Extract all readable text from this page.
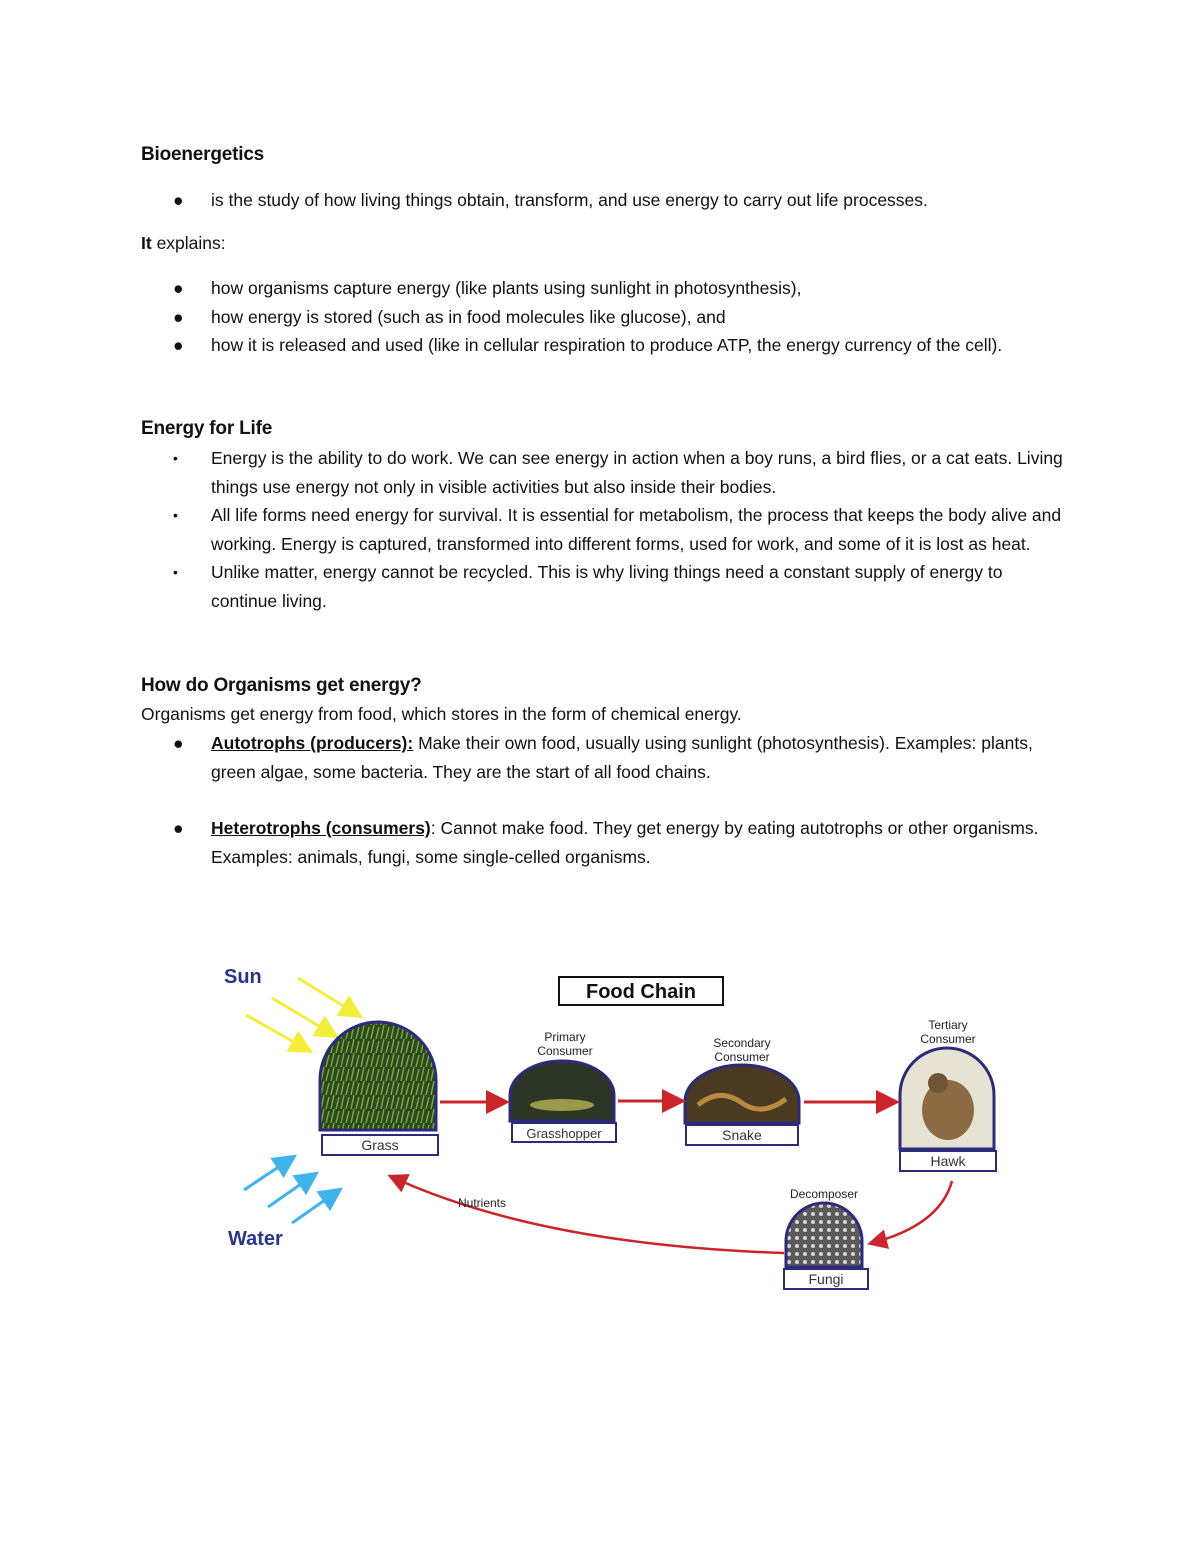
Bioenergetics
●	is the study of how living things obtain, transform, and use energy to carry out life processes.
It explains:
●	how organisms capture energy (like plants using sunlight in photosynthesis),
●	how energy is stored (such as in food molecules like glucose), and
●	how it is released and used (like in cellular respiration to produce ATP, the energy currency of the cell).
Energy for Life
•	Energy is the ability to do work. We can see energy in action when a boy runs, a bird flies, or a cat eats. Living things use energy not only in visible activities but also inside their bodies.
•	All life forms need energy for survival. It is essential for metabolism, the process that keeps the body alive and working. Energy is captured, transformed into different forms, used for work, and some of it is lost as heat.
•	Unlike matter, energy cannot be recycled. This is why living things need a constant supply of energy to continue living.
How do Organisms get energy?
Organisms get energy from food, which stores in the form of chemical energy.
●	Autotrophs (producers): Make their own food, usually using sunlight (photosynthesis). Examples: plants, green algae, some bacteria. They are the start of all food chains.
●	Heterotrophs (consumers): Cannot make food. They get energy by eating autotrophs or other organisms. Examples: animals, fungi, some single-celled organisms.
Sun
Water
Food Chain
Grass
Primary
Consumer
Grasshopper
Secondary
Consumer
Snake
Tertiary
Consumer
Hawk
Decomposer
Fungi
Nutrients
